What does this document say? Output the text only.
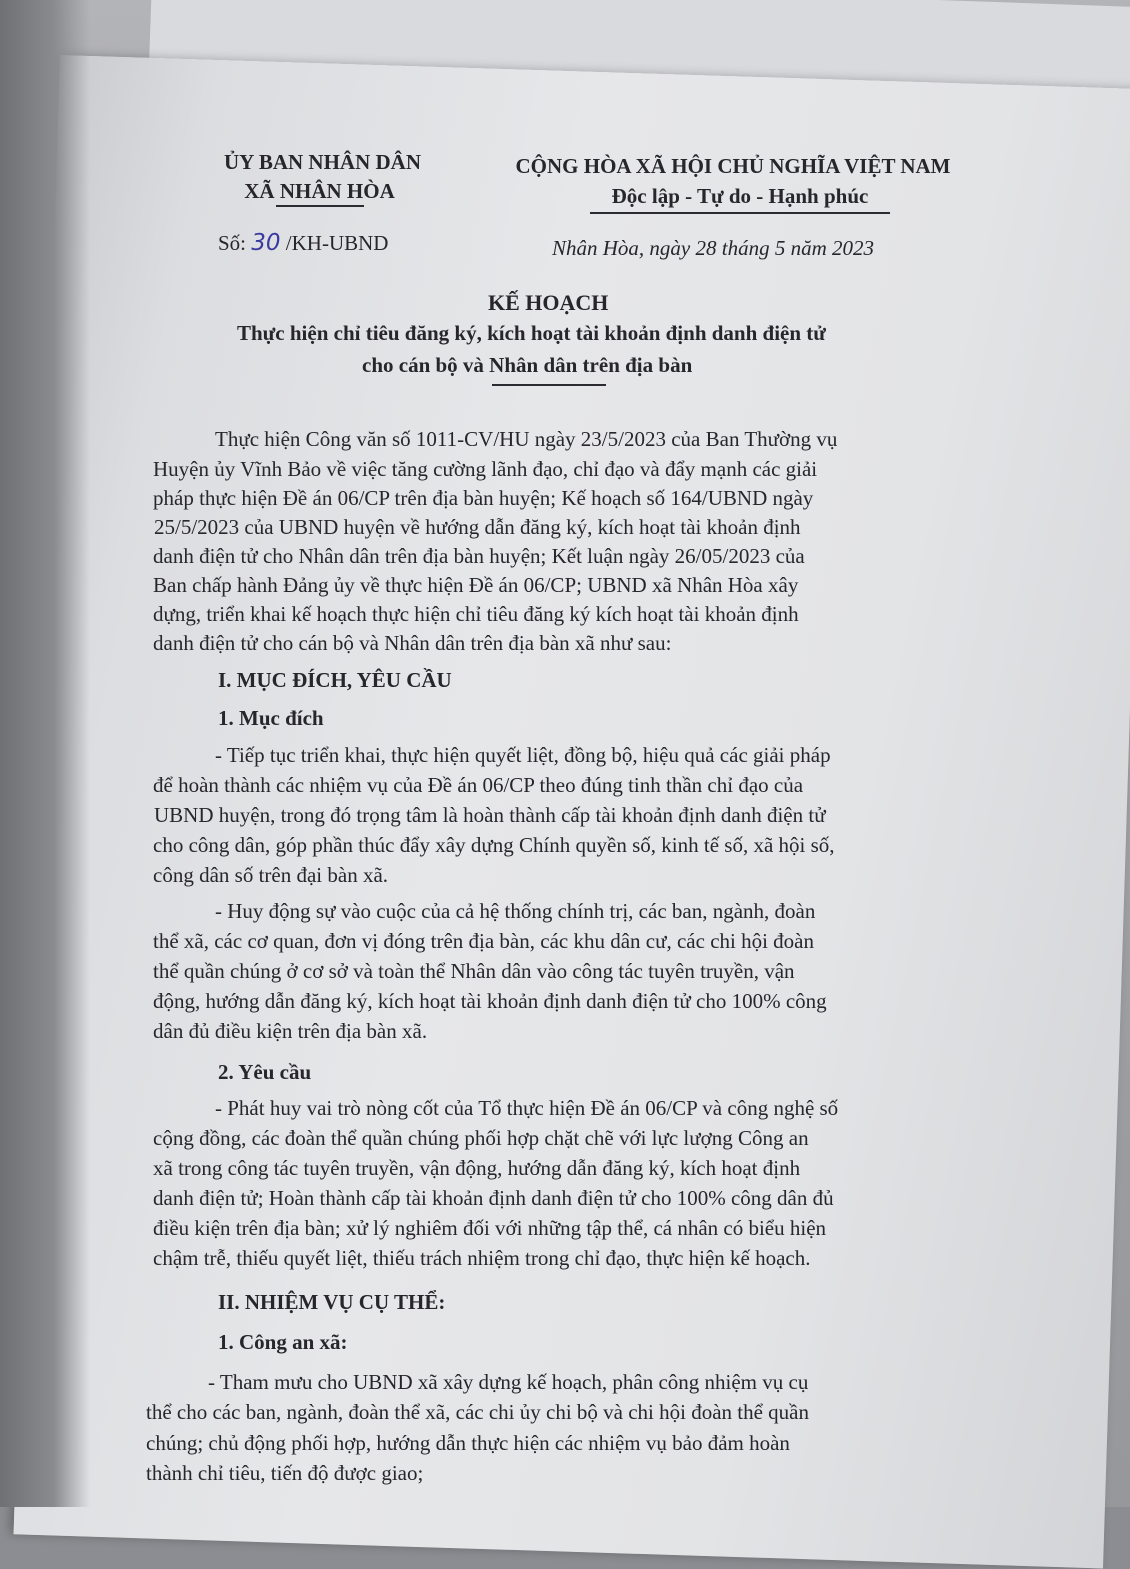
ỦY BAN NHÂN DÂN
XÃ NHÂN HÒA
CỘNG HÒA XÃ HỘI CHỦ NGHĨA VIỆT NAM
Độc lập - Tự do - Hạnh phúc
Số: 30 /KH-UBND	Nhân Hòa, ngày 28 tháng 5 năm 2023
KẾ HOẠCH
Thực hiện chỉ tiêu đăng ký, kích hoạt tài khoản định danh điện tử
cho cán bộ và Nhân dân trên địa bàn
Thực hiện Công văn số 1011-CV/HU ngày 23/5/2023 của Ban Thường vụ
Huyện ủy Vĩnh Bảo về việc tăng cường lãnh đạo, chỉ đạo và đẩy mạnh các giải
pháp thực hiện Đề án 06/CP trên địa bàn huyện; Kế hoạch số 164/UBND ngày
25/5/2023 của UBND huyện về hướng dẫn đăng ký, kích hoạt tài khoản định
danh điện tử cho Nhân dân trên địa bàn huyện; Kết luận ngày 26/05/2023 của
Ban chấp hành Đảng ủy về thực hiện Đề án 06/CP; UBND xã Nhân Hòa xây
dựng, triển khai kế hoạch thực hiện chỉ tiêu đăng ký kích hoạt tài khoản định
danh điện tử cho cán bộ và Nhân dân trên địa bàn xã như sau:
I. MỤC ĐÍCH, YÊU CẦU
1. Mục đích
- Tiếp tục triển khai, thực hiện quyết liệt, đồng bộ, hiệu quả các giải pháp
để hoàn thành các nhiệm vụ của Đề án 06/CP theo đúng tinh thần chỉ đạo của
UBND huyện, trong đó trọng tâm là hoàn thành cấp tài khoản định danh điện tử
cho công dân, góp phần thúc đẩy xây dựng Chính quyền số, kinh tế số, xã hội số,
công dân số trên đại bàn xã.
- Huy động sự vào cuộc của cả hệ thống chính trị, các ban, ngành, đoàn
thể xã, các cơ quan, đơn vị đóng trên địa bàn, các khu dân cư, các chi hội đoàn
thể quần chúng ở cơ sở và toàn thể Nhân dân vào công tác tuyên truyền, vận
động, hướng dẫn đăng ký, kích hoạt tài khoản định danh điện tử cho 100% công
dân đủ điều kiện trên địa bàn xã.
2. Yêu cầu
- Phát huy vai trò nòng cốt của Tổ thực hiện Đề án 06/CP và công nghệ số
cộng đồng, các đoàn thể quần chúng phối hợp chặt chẽ với lực lượng Công an
xã trong công tác tuyên truyền, vận động, hướng dẫn đăng ký, kích hoạt định
danh điện tử; Hoàn thành cấp tài khoản định danh điện tử cho 100% công dân đủ
điều kiện trên địa bàn; xử lý nghiêm đối với những tập thể, cá nhân có biểu hiện
chậm trễ, thiếu quyết liệt, thiếu trách nhiệm trong chỉ đạo, thực hiện kế hoạch.
II. NHIỆM VỤ CỤ THỂ:
1. Công an xã:
- Tham mưu cho UBND xã xây dựng kế hoạch, phân công nhiệm vụ cụ
thể cho các ban, ngành, đoàn thể xã, các chi ủy chi bộ và chi hội đoàn thể quần
chúng; chủ động phối hợp, hướng dẫn thực hiện các nhiệm vụ bảo đảm hoàn
thành chỉ tiêu, tiến độ được giao;
